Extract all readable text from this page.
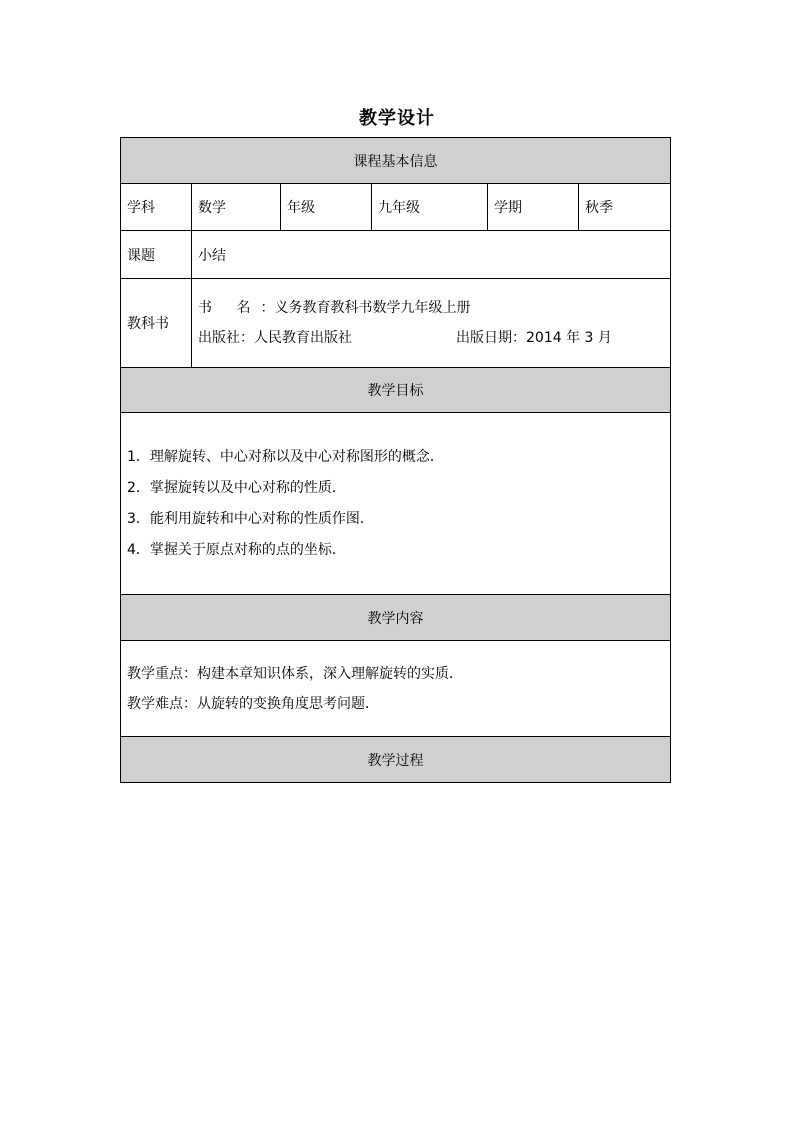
教学设计
课程基本信息					
学科	数学	年级	九年级	学期	秋季
课题	小结				
教科书	书 名：义务教育教科书数学九年级上册
出版社：人民教育出版社 出版日期：2014 年 3 月				

教学目标					

1．理解旋转、中心对称以及中心对称图形的概念．
2．掌握旋转以及中心对称的性质．
3．能利用旋转和中心对称的性质作图．
4．掌握关于原点对称的点的坐标．					

教学内容					

教学重点：构建本章知识体系，深入理解旋转的实质．
教学难点：从旋转的变换角度思考问题．					

教学过程					
